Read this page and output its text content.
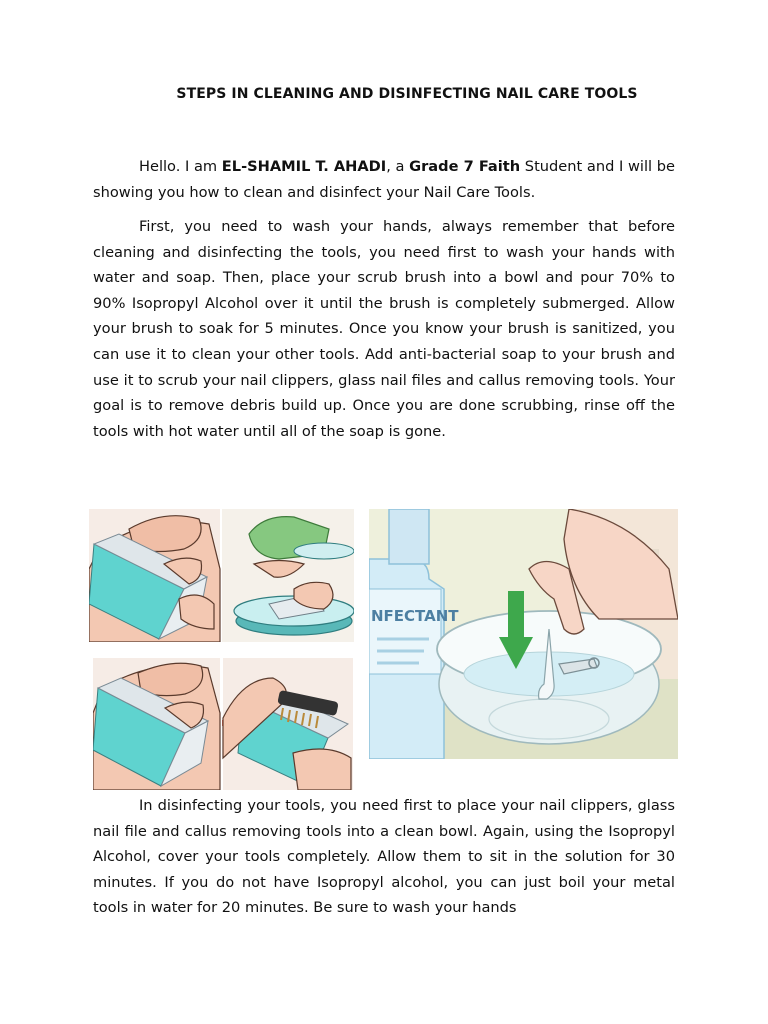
STEPS IN CLEANING AND DISINFECTING NAIL CARE TOOLS

Hello. I am EL-SHAMIL T. AHADI, a Grade 7 Faith Student and I will be showing you how to clean and disinfect your Nail Care Tools.

First, you need to wash your hands, always remember that before cleaning and disinfecting the tools, you need first to wash your hands with water and soap. Then, place your scrub brush into a bowl and pour 70% to 90% Isopropyl Alcohol over it until the brush is completely submerged. Allow your brush to soak for 5 minutes. Once you know your brush is sanitized, you can use it to clean your other tools. Add anti-bacterial soap to your brush and use it to scrub your nail clippers, glass nail files and callus removing tools. Your goal is to remove debris build up. Once you are done scrubbing, rinse off the tools with hot water until all of the soap is gone.

NFECTANT

In disinfecting your tools, you need first to place your nail clippers, glass nail file and callus removing tools into a clean bowl. Again, using the Isopropyl Alcohol, cover your tools completely. Allow them to sit in the solution for 30 minutes. If you do not have Isopropyl alcohol, you can just boil your metal tools in water for 20 minutes. Be sure to wash your hands
